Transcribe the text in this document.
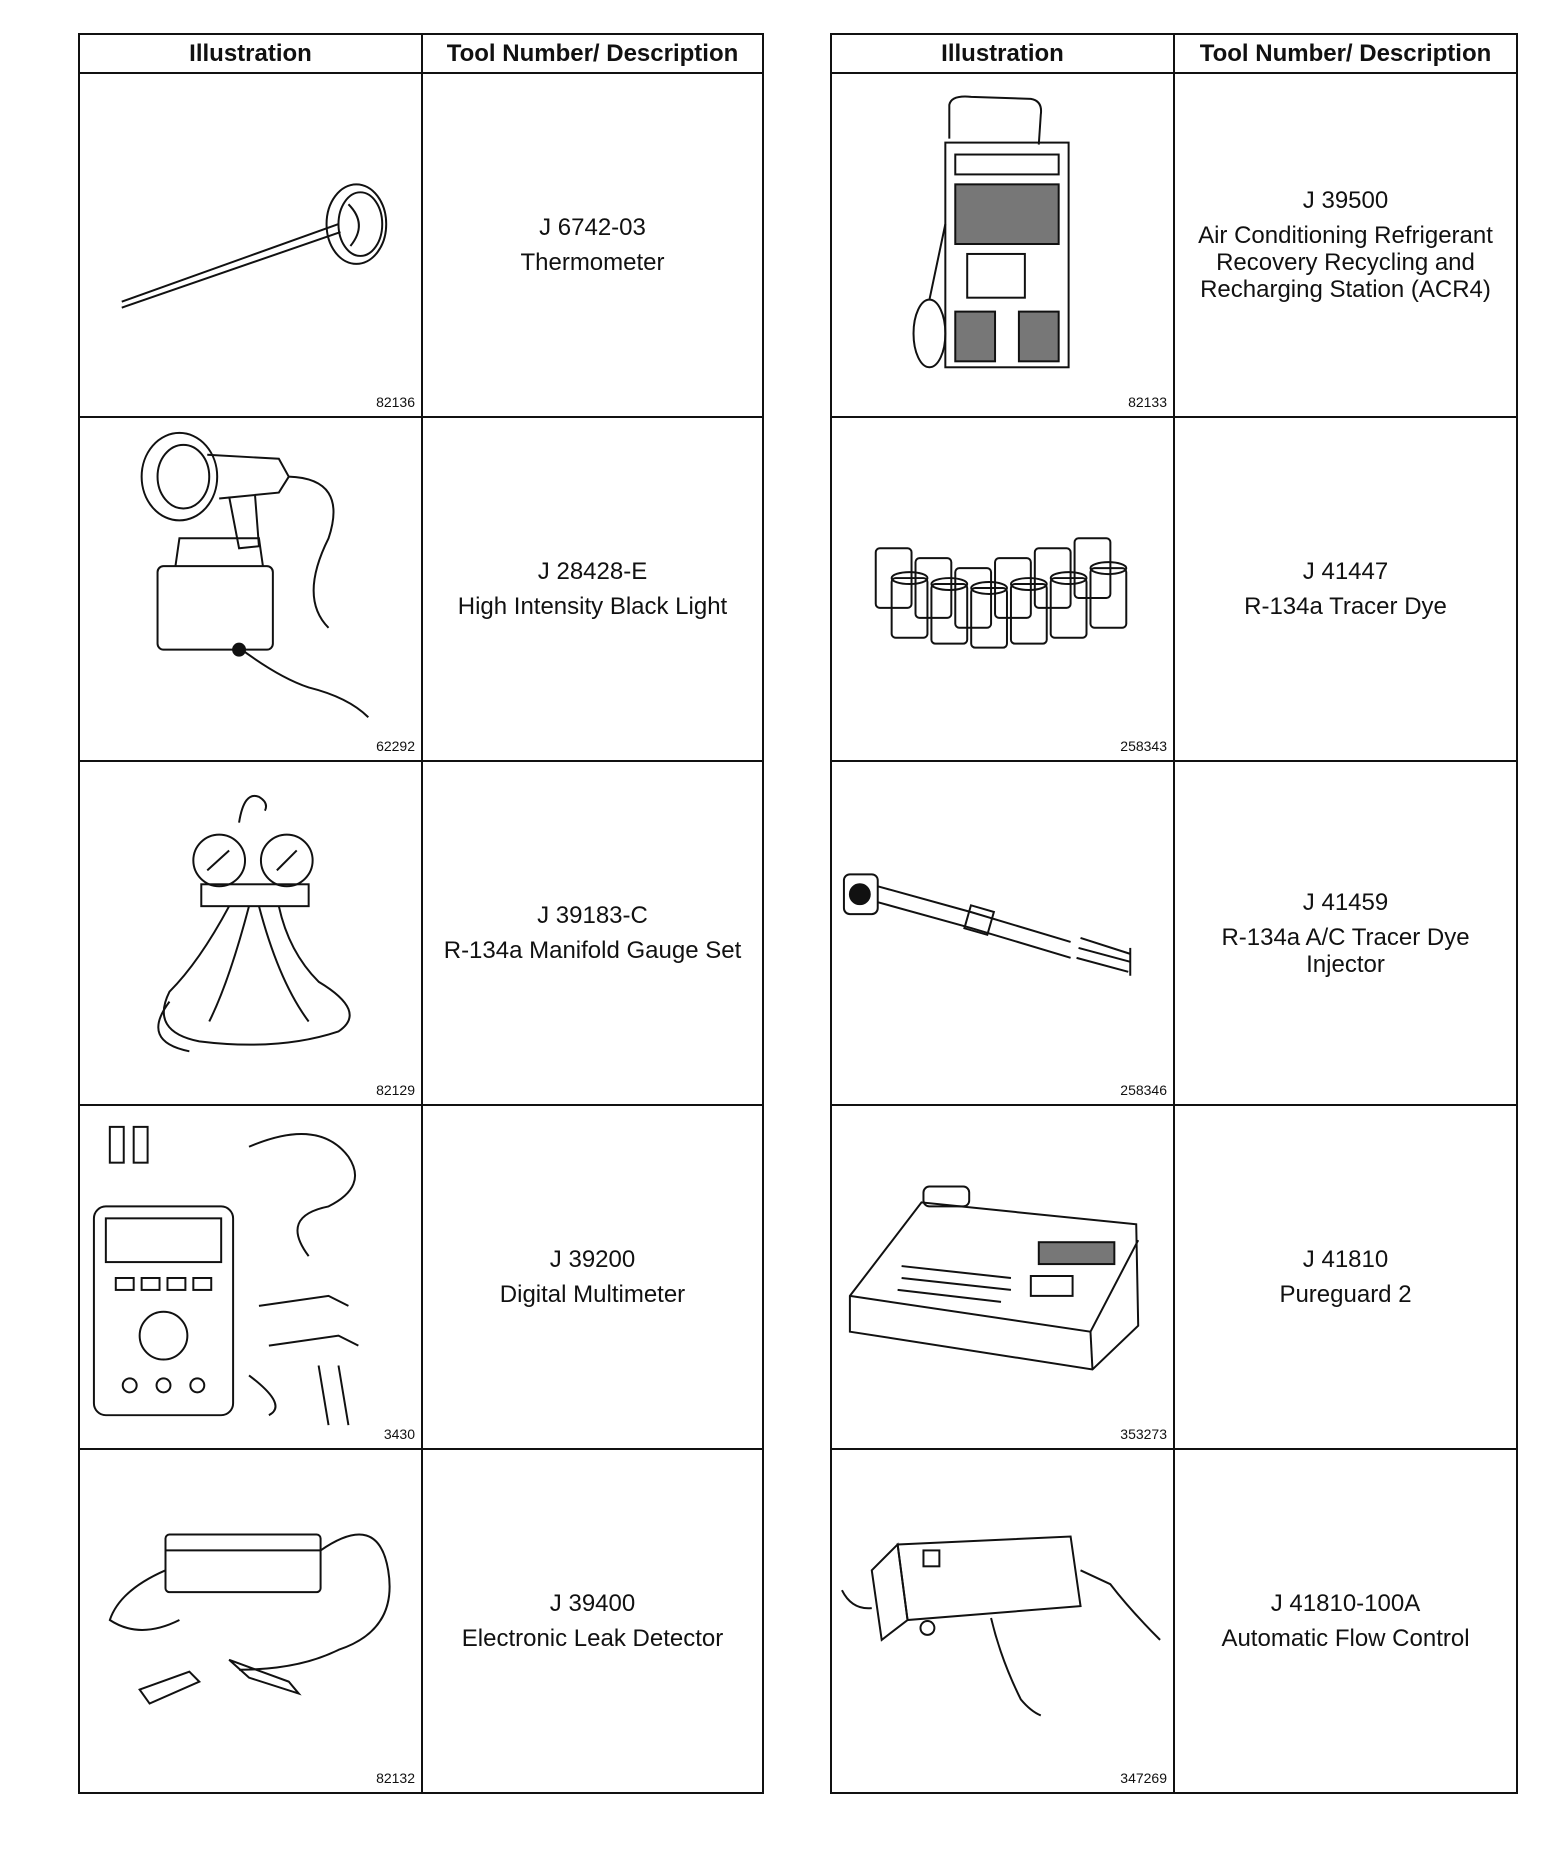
Illustration	Tool Number/ Description

82136	J 6742-03
Thermometer

62292	J 28428-E
High Intensity Black Light

82129	J 39183-C
R-134a Manifold Gauge Set

3430	J 39200
Digital Multimeter

82132	J 39400
Electronic Leak Detector
Illustration	Tool Number/ Description

82133	J 39500
Air Conditioning Refrigerant Recovery Recycling and Recharging Station (ACR4)

258343	J 41447
R-134a Tracer Dye

258346	J 41459
R-134a A/C Tracer Dye Injector

353273	J 41810
Pureguard 2

347269	J 41810-100A
Automatic Flow Control
